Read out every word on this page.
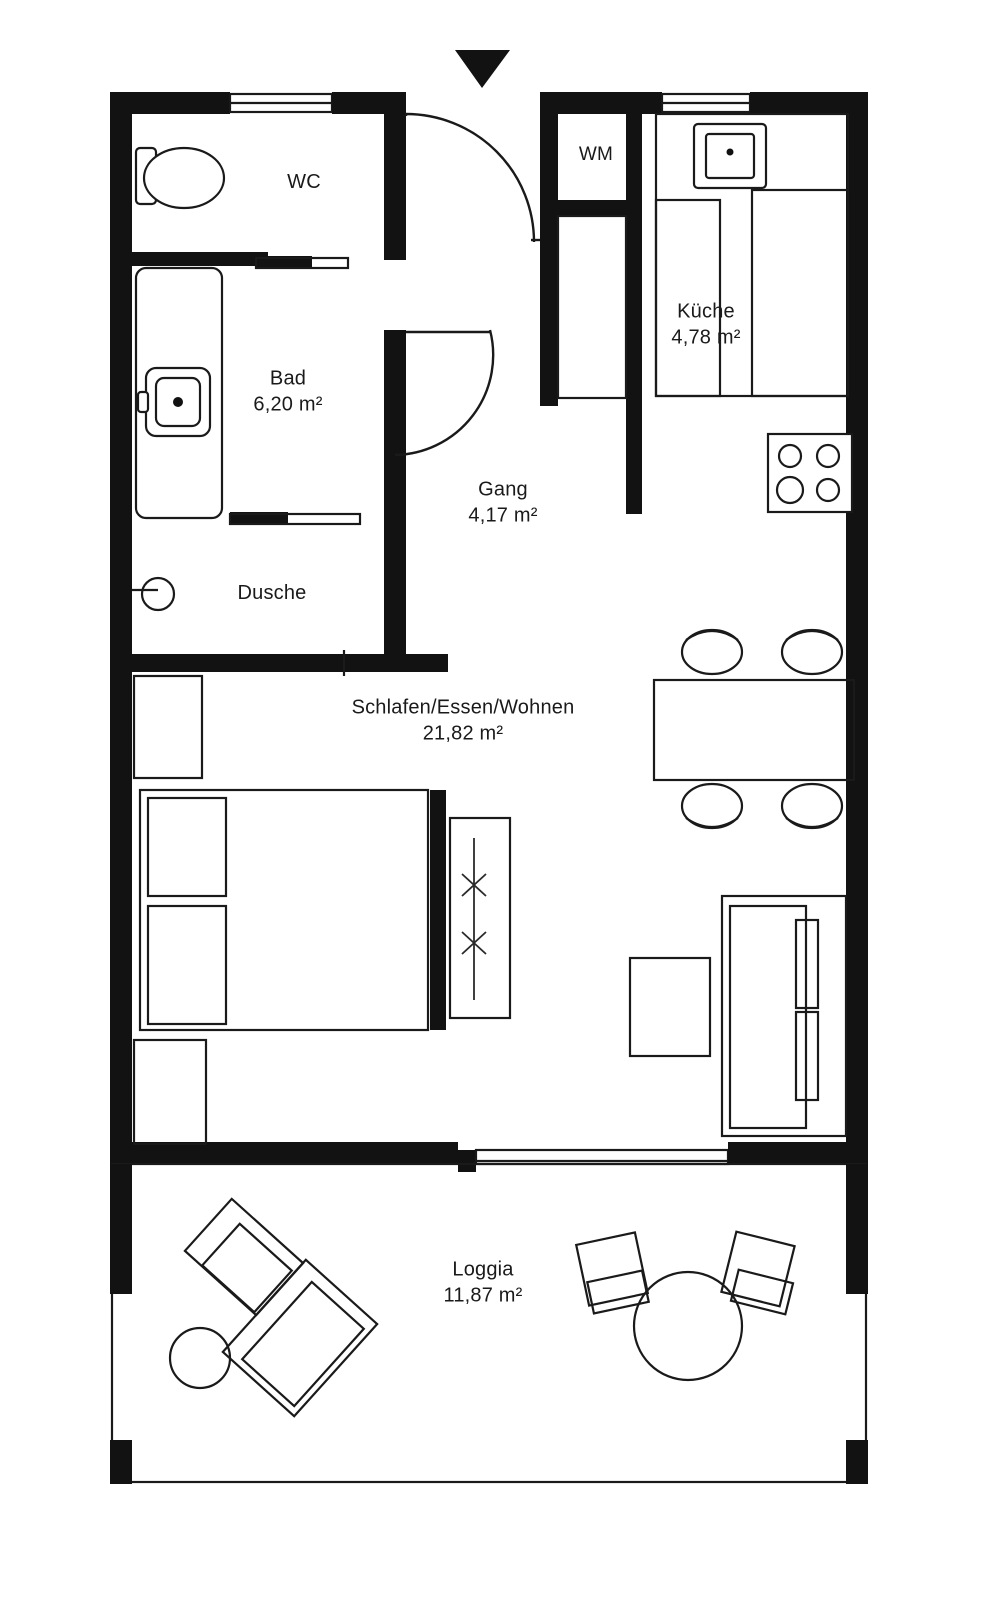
WC
Bad
6,20 m²
Dusche
Gang
4,17 m²
WM
Küche
4,78 m²
Schlafen/Essen/Wohnen
21,82 m²
Loggia
11,87 m²
